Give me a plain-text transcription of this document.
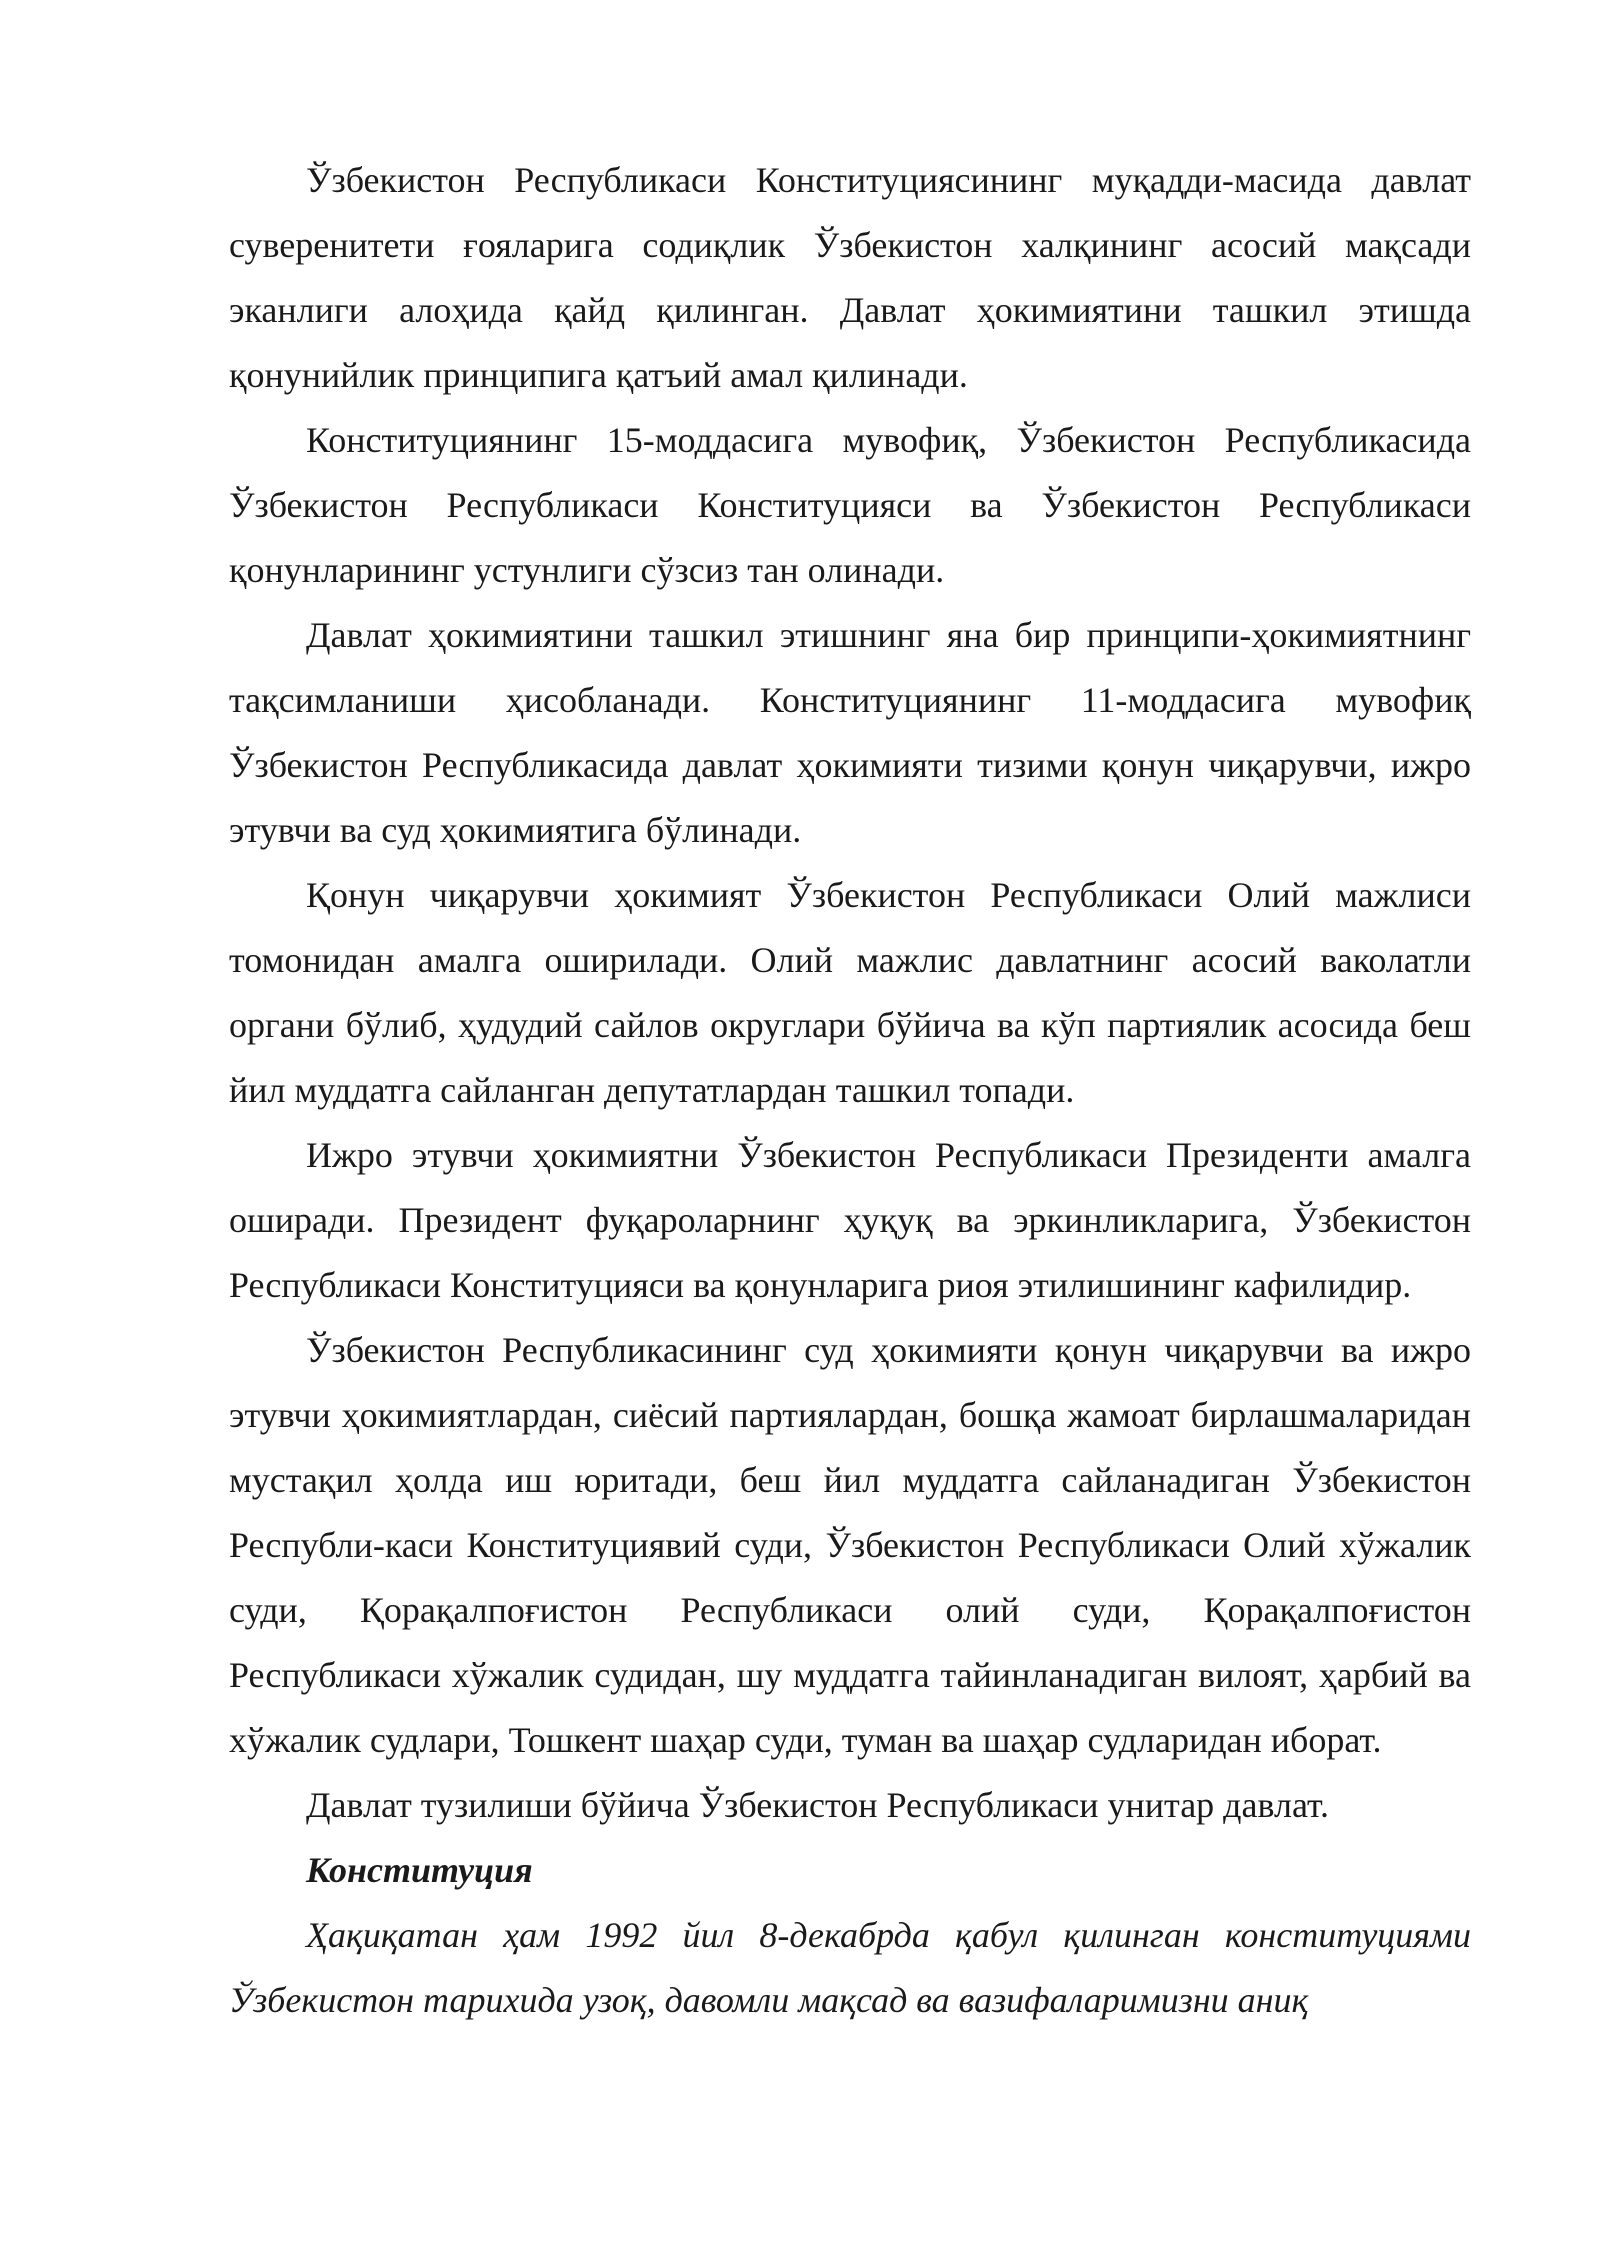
Ўзбекистон Республикаси Конституциясининг муқадди-масида давлат суверенитети ғояларига содиқлик Ўзбекистон халқининг асосий мақсади эканлиги алоҳида қайд қилинган. Давлат ҳокимиятини ташкил этишда қонунийлик принципига қатъий амал қилинади.

Конституциянинг 15-моддасига мувофиқ, Ўзбекистон Республикасида Ўзбекистон Республикаси Конституцияси ва Ўзбекистон Республикаси қонунларининг устунлиги сўзсиз тан олинади.

Давлат ҳокимиятини ташкил этишнинг яна бир принципи-ҳокимиятнинг тақсимланиши ҳисобланади. Конституциянинг 11-моддасига мувофиқ Ўзбекистон Республикасида давлат ҳокимияти тизими қонун чиқарувчи, ижро этувчи ва суд ҳокимиятига бўлинади.

Қонун чиқарувчи ҳокимият Ўзбекистон Республикаси Олий мажлиси томонидан амалга оширилади. Олий мажлис давлатнинг асосий ваколатли органи бўлиб, ҳудудий сайлов округлари бўйича ва кўп партиялик асосида беш йил муддатга сайланган депутатлардан ташкил топади.

Ижро этувчи ҳокимиятни Ўзбекистон Республикаси Президенти амалга оширади. Президент фуқароларнинг ҳуқуқ ва эркинликларига, Ўзбекистон Республикаси Конституцияси ва қонунларига риоя этилишининг кафилидир.

Ўзбекистон Республикасининг суд ҳокимияти қонун чиқарувчи ва ижро этувчи ҳокимиятлардан, сиёсий партиялардан, бошқа жамоат бирлашмаларидан мустақил ҳолда иш юритади, беш йил муддатга сайланадиган Ўзбекистон Республи-каси Конституциявий суди, Ўзбекистон Республикаси Олий хўжалик суди, Қорақалпоғистон Республикаси олий суди, Қорақалпоғистон Республикаси хўжалик судидан, шу муддатга тайинланадиган вилоят, ҳарбий ва хўжалик судлари, Тошкент шаҳар суди, туман ва шаҳар судларидан иборат.

Давлат тузилиши бўйича Ўзбекистон Республикаси унитар давлат.

Конституция

Ҳақиқатан ҳам 1992 йил 8-декабрда қабул қилинган конституциями Ўзбекистон тарихида узоқ, давомли мақсад ва вазифаларимизни аниқ
